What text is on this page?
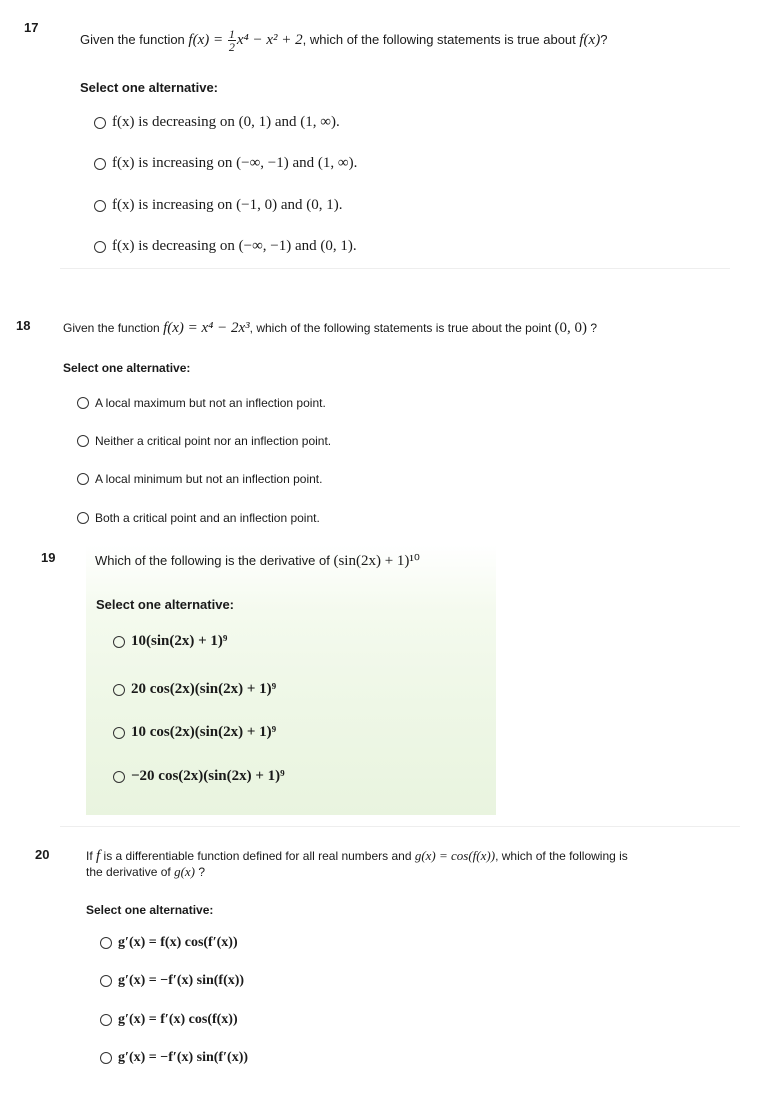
17
Given the function $f(x) = \frac{1}{2} x^4 - x^2 + 2$, which of the following statements is true about f(x)?
Select one alternative:
f(x) is decreasing on (0, 1) and (1, ∞).
f(x) is increasing on (−∞, −1) and (1, ∞).
f(x) is increasing on (−1, 0) and (0, 1).
f(x) is decreasing on (−∞, −1) and (0, 1).
18	Given the function f(x) = x⁴ − 2x³, which of the following statements is true about the point (0, 0) ?
Select one alternative:
A local maximum but not an inflection point.
Neither a critical point nor an inflection point.
A local minimum but not an inflection point.
Both a critical point and an inflection point.
19	Which of the following is the derivative of (sin(2x) + 1)¹⁰
Select one alternative:
10(sin(2x) + 1)⁹
20 cos(2x)(sin(2x) + 1)⁹
10 cos(2x)(sin(2x) + 1)⁹
−20 cos(2x)(sin(2x) + 1)⁹
20	If f is a differentiable function defined for all real numbers and g(x) = cos(f(x)), which of the following is
the derivative of g(x) ?
Select one alternative:
g′(x) = f(x) cos(f′(x))
g′(x) = −f′(x) sin(f(x))
g′(x) = f′(x) cos(f(x))
g′(x) = −f′(x) sin(f′(x))
